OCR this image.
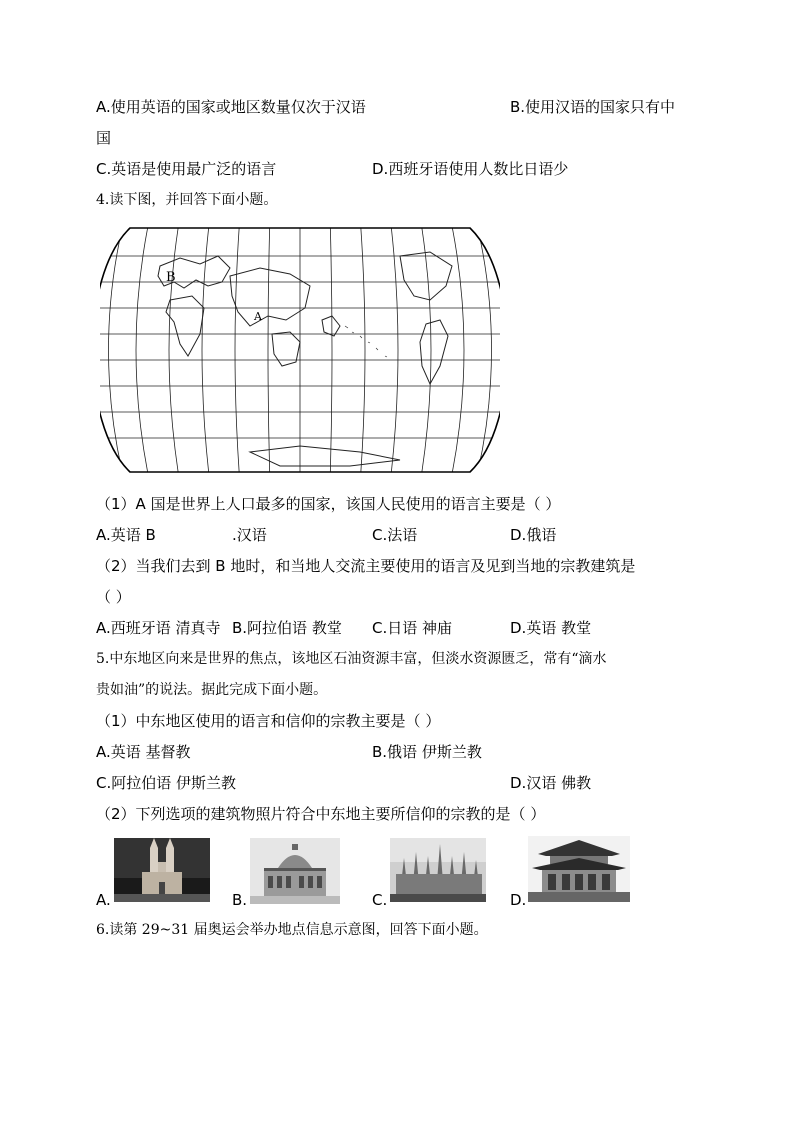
A.使用英语的国家或地区数量仅次于汉语	B.使用汉语的国家只有中
国
C.英语是使用最广泛的语言	D.西班牙语使用人数比日语少
4.读下图，并回答下面小题。
B
A
（1）A 国是世界上人口最多的国家，该国人民使用的语言主要是（ ）
A.英语 B	.汉语	C.法语	D.俄语
（2）当我们去到 B 地时，和当地人交流主要使用的语言及见到当地的宗教建筑是
（ ）
A.西班牙语 清真寺 B.阿拉伯语 教堂 C.日语 神庙	D.英语 教堂
5.中东地区向来是世界的焦点，该地区石油资源丰富，但淡水资源匮乏，常有“滴水
贵如油”的说法。据此完成下面小题。
（1）中东地区使用的语言和信仰的宗教主要是（ ）
A.英语 基督教	B.俄语 伊斯兰教
C.阿拉伯语 伊斯兰教	D.汉语 佛教
（2）下列选项的建筑物照片符合中东地主要所信仰的宗教的是（ ）
A.	B.	C.	D.
6.读第 29~31 届奥运会举办地点信息示意图，回答下面小题。
